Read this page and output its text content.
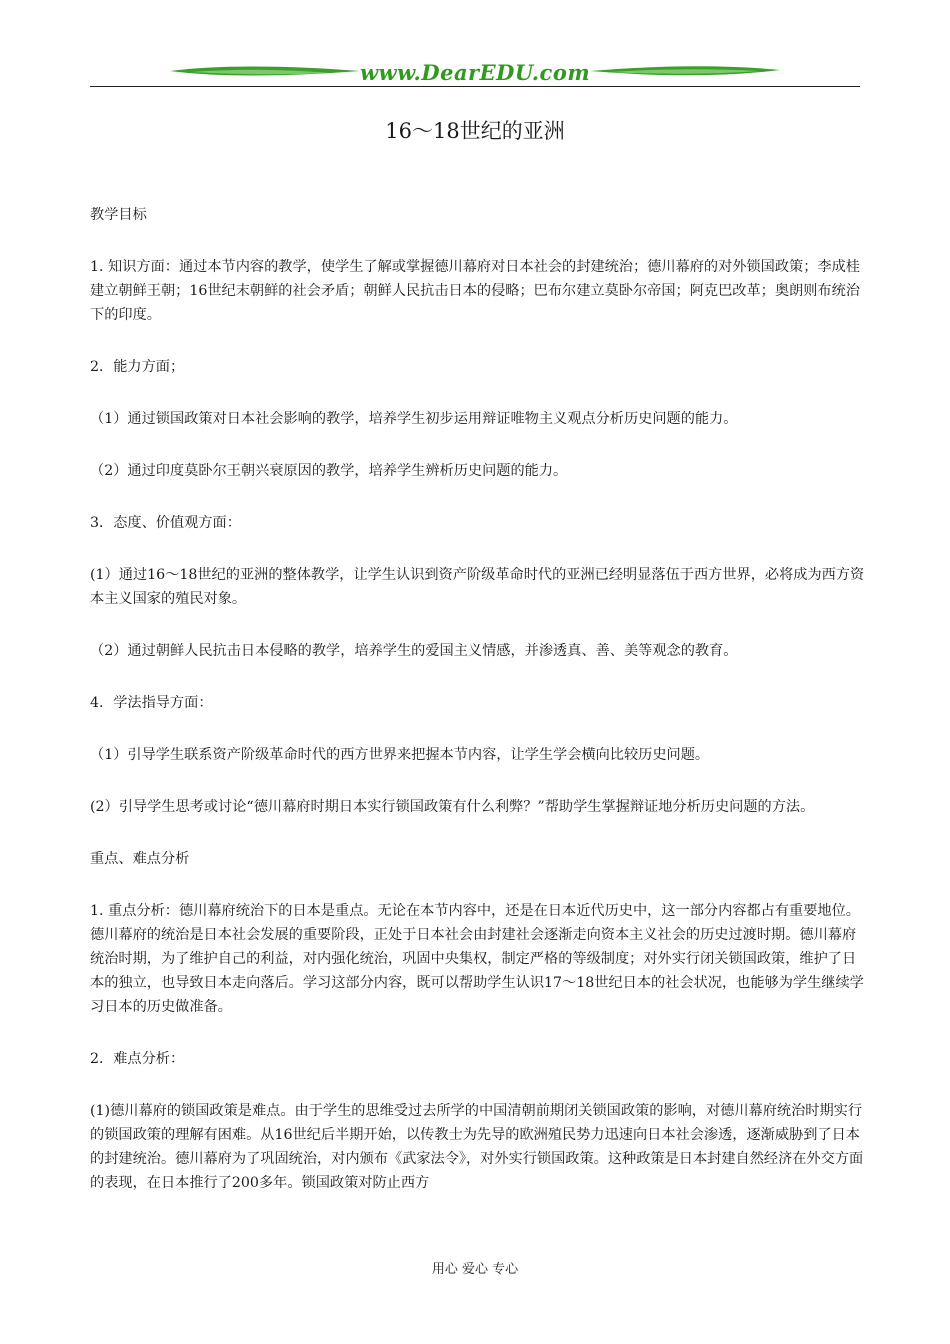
www.DearEDU.com
16～18世纪的亚洲

教学目标

1. 知识方面：通过本节内容的教学，使学生了解或掌握德川幕府对日本社会的封建统治；德川幕府的对外锁国政策；李成桂建立朝鲜王朝；16世纪末朝鲜的社会矛盾；朝鲜人民抗击日本的侵略；巴布尔建立莫卧尔帝国；阿克巴改革；奥朗则布统治下的印度。

2．能力方面；

（1）通过锁国政策对日本社会影响的教学，培养学生初步运用辩证唯物主义观点分析历史问题的能力。

（2）通过印度莫卧尔王朝兴衰原因的教学，培养学生辨析历史问题的能力。

3．态度、价值观方面：

(1）通过16～18世纪的亚洲的整体教学，让学生认识到资产阶级革命时代的亚洲已经明显落伍于西方世界，必将成为西方资本主义国家的殖民对象。

（2）通过朝鲜人民抗击日本侵略的教学，培养学生的爱国主义情感，并渗透真、善、美等观念的教育。

4．学法指导方面：

（1）引导学生联系资产阶级革命时代的西方世界来把握本节内容，让学生学会横向比较历史问题。

(2）引导学生思考或讨论“德川幕府时期日本实行锁国政策有什么利弊？”帮助学生掌握辩证地分析历史问题的方法。

重点、难点分析

1. 重点分析：德川幕府统治下的日本是重点。无论在本节内容中，还是在日本近代历史中，这一部分内容都占有重要地位。德川幕府的统治是日本社会发展的重要阶段，正处于日本社会由封建社会逐渐走向资本主义社会的历史过渡时期。德川幕府统治时期，为了维护自己的利益，对内强化统治，巩固中央集权，制定严格的等级制度；对外实行闭关锁国政策，维护了日本的独立，也导致日本走向落后。学习这部分内容，既可以帮助学生认识17～18世纪日本的社会状况，也能够为学生继续学习日本的历史做准备。

2．难点分析：

(1)德川幕府的锁国政策是难点。由于学生的思维受过去所学的中国清朝前期闭关锁国政策的影响，对德川幕府统治时期实行的锁国政策的理解有困难。从16世纪后半期开始，以传教士为先导的欧洲殖民势力迅速向日本社会渗透，逐渐威胁到了日本的封建统治。德川幕府为了巩固统治，对内颁布《武家法令》，对外实行锁国政策。这种政策是日本封建自然经济在外交方面的表现，在日本推行了200多年。锁国政策对防止西方

用心 爱心 专心
